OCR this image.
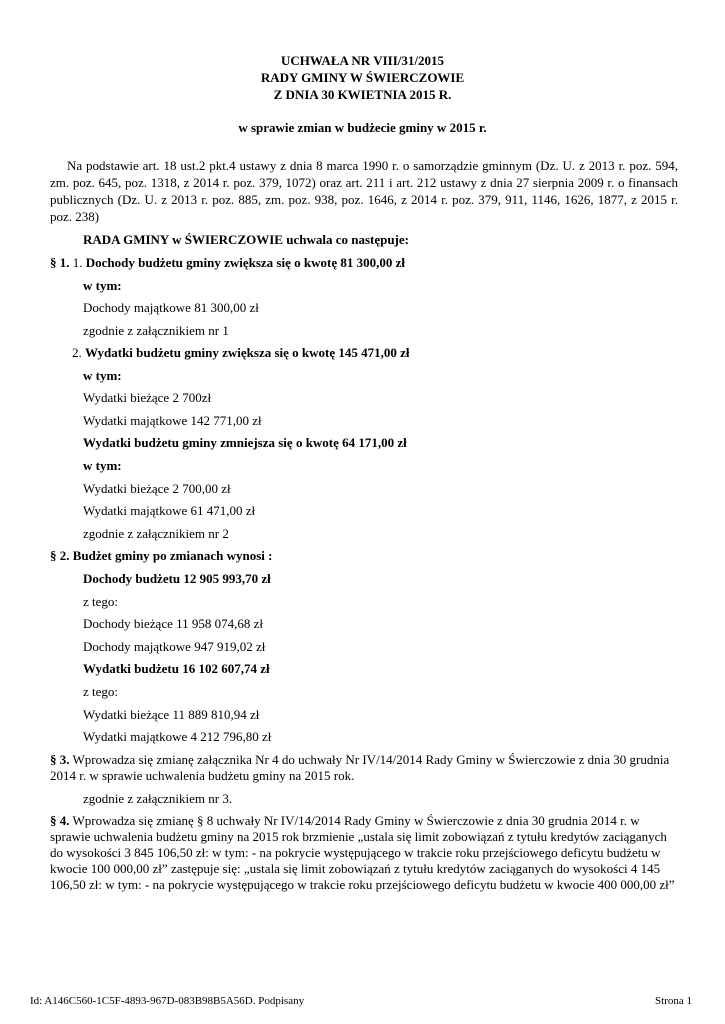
UCHWAŁA NR VIII/31/2015
RADY GMINY W ŚWIERCZOWIE
Z DNIA 30 KWIETNIA 2015 R.
w sprawie zmian w budżecie gminy w 2015 r.
Na podstawie art. 18 ust.2 pkt.4 ustawy z dnia 8 marca 1990 r. o samorządzie gminnym (Dz. U. z 2013 r. poz. 594, zm. poz. 645, poz. 1318, z 2014 r. poz. 379, 1072) oraz art. 211 i art. 212 ustawy z dnia 27 sierpnia 2009 r. o finansach publicznych (Dz. U. z 2013 r. poz. 885, zm. poz. 938, poz. 1646, z 2014 r. poz. 379, 911, 1146, 1626, 1877, z 2015 r. poz. 238)
RADA GMINY w ŚWIERCZOWIE uchwala co następuje:
§ 1. 1. Dochody budżetu gminy zwiększa się o kwotę 81 300,00 zł
w tym:
Dochody majątkowe 81 300,00 zł
zgodnie z załącznikiem nr 1
2. Wydatki budżetu gminy zwiększa się o kwotę 145 471,00 zł
w tym:
Wydatki bieżące 2 700zł
Wydatki majątkowe 142 771,00 zł
Wydatki budżetu gminy zmniejsza się o kwotę 64 171,00 zł
w tym:
Wydatki bieżące 2 700,00 zł
Wydatki majątkowe 61 471,00 zł
zgodnie z załącznikiem nr 2
§ 2. Budżet gminy po zmianach wynosi :
Dochody budżetu 12 905 993,70 zł
z tego:
Dochody bieżące 11 958 074,68 zł
Dochody majątkowe 947 919,02 zł
Wydatki budżetu 16 102 607,74 zł
z tego:
Wydatki bieżące 11 889 810,94 zł
Wydatki majątkowe 4 212 796,80 zł
§ 3. Wprowadza się zmianę załącznika Nr 4 do uchwały Nr IV/14/2014 Rady Gminy w Świerczowie z dnia 30 grudnia 2014 r. w sprawie uchwalenia budżetu gminy na 2015 rok.
zgodnie z załącznikiem nr 3.
§ 4. Wprowadza się zmianę § 8 uchwały Nr IV/14/2014 Rady Gminy w Świerczowie z dnia 30 grudnia 2014 r. w sprawie uchwalenia budżetu gminy na 2015 rok brzmienie „ustala się limit zobowiązań z tytułu kredytów zaciąganych do wysokości 3 845 106,50 zł: w tym: - na pokrycie występującego w trakcie roku przejściowego deficytu budżetu w kwocie 100 000,00 zł” zastępuje się: „ustala się limit zobowiązań z tytułu kredytów zaciąganych do wysokości 4 145 106,50 zł: w tym: - na pokrycie występującego w trakcie roku przejściowego deficytu budżetu w kwocie 400 000,00 zł”
Id: A146C560-1C5F-4893-967D-083B98B5A56D. Podpisany	Strona 1
